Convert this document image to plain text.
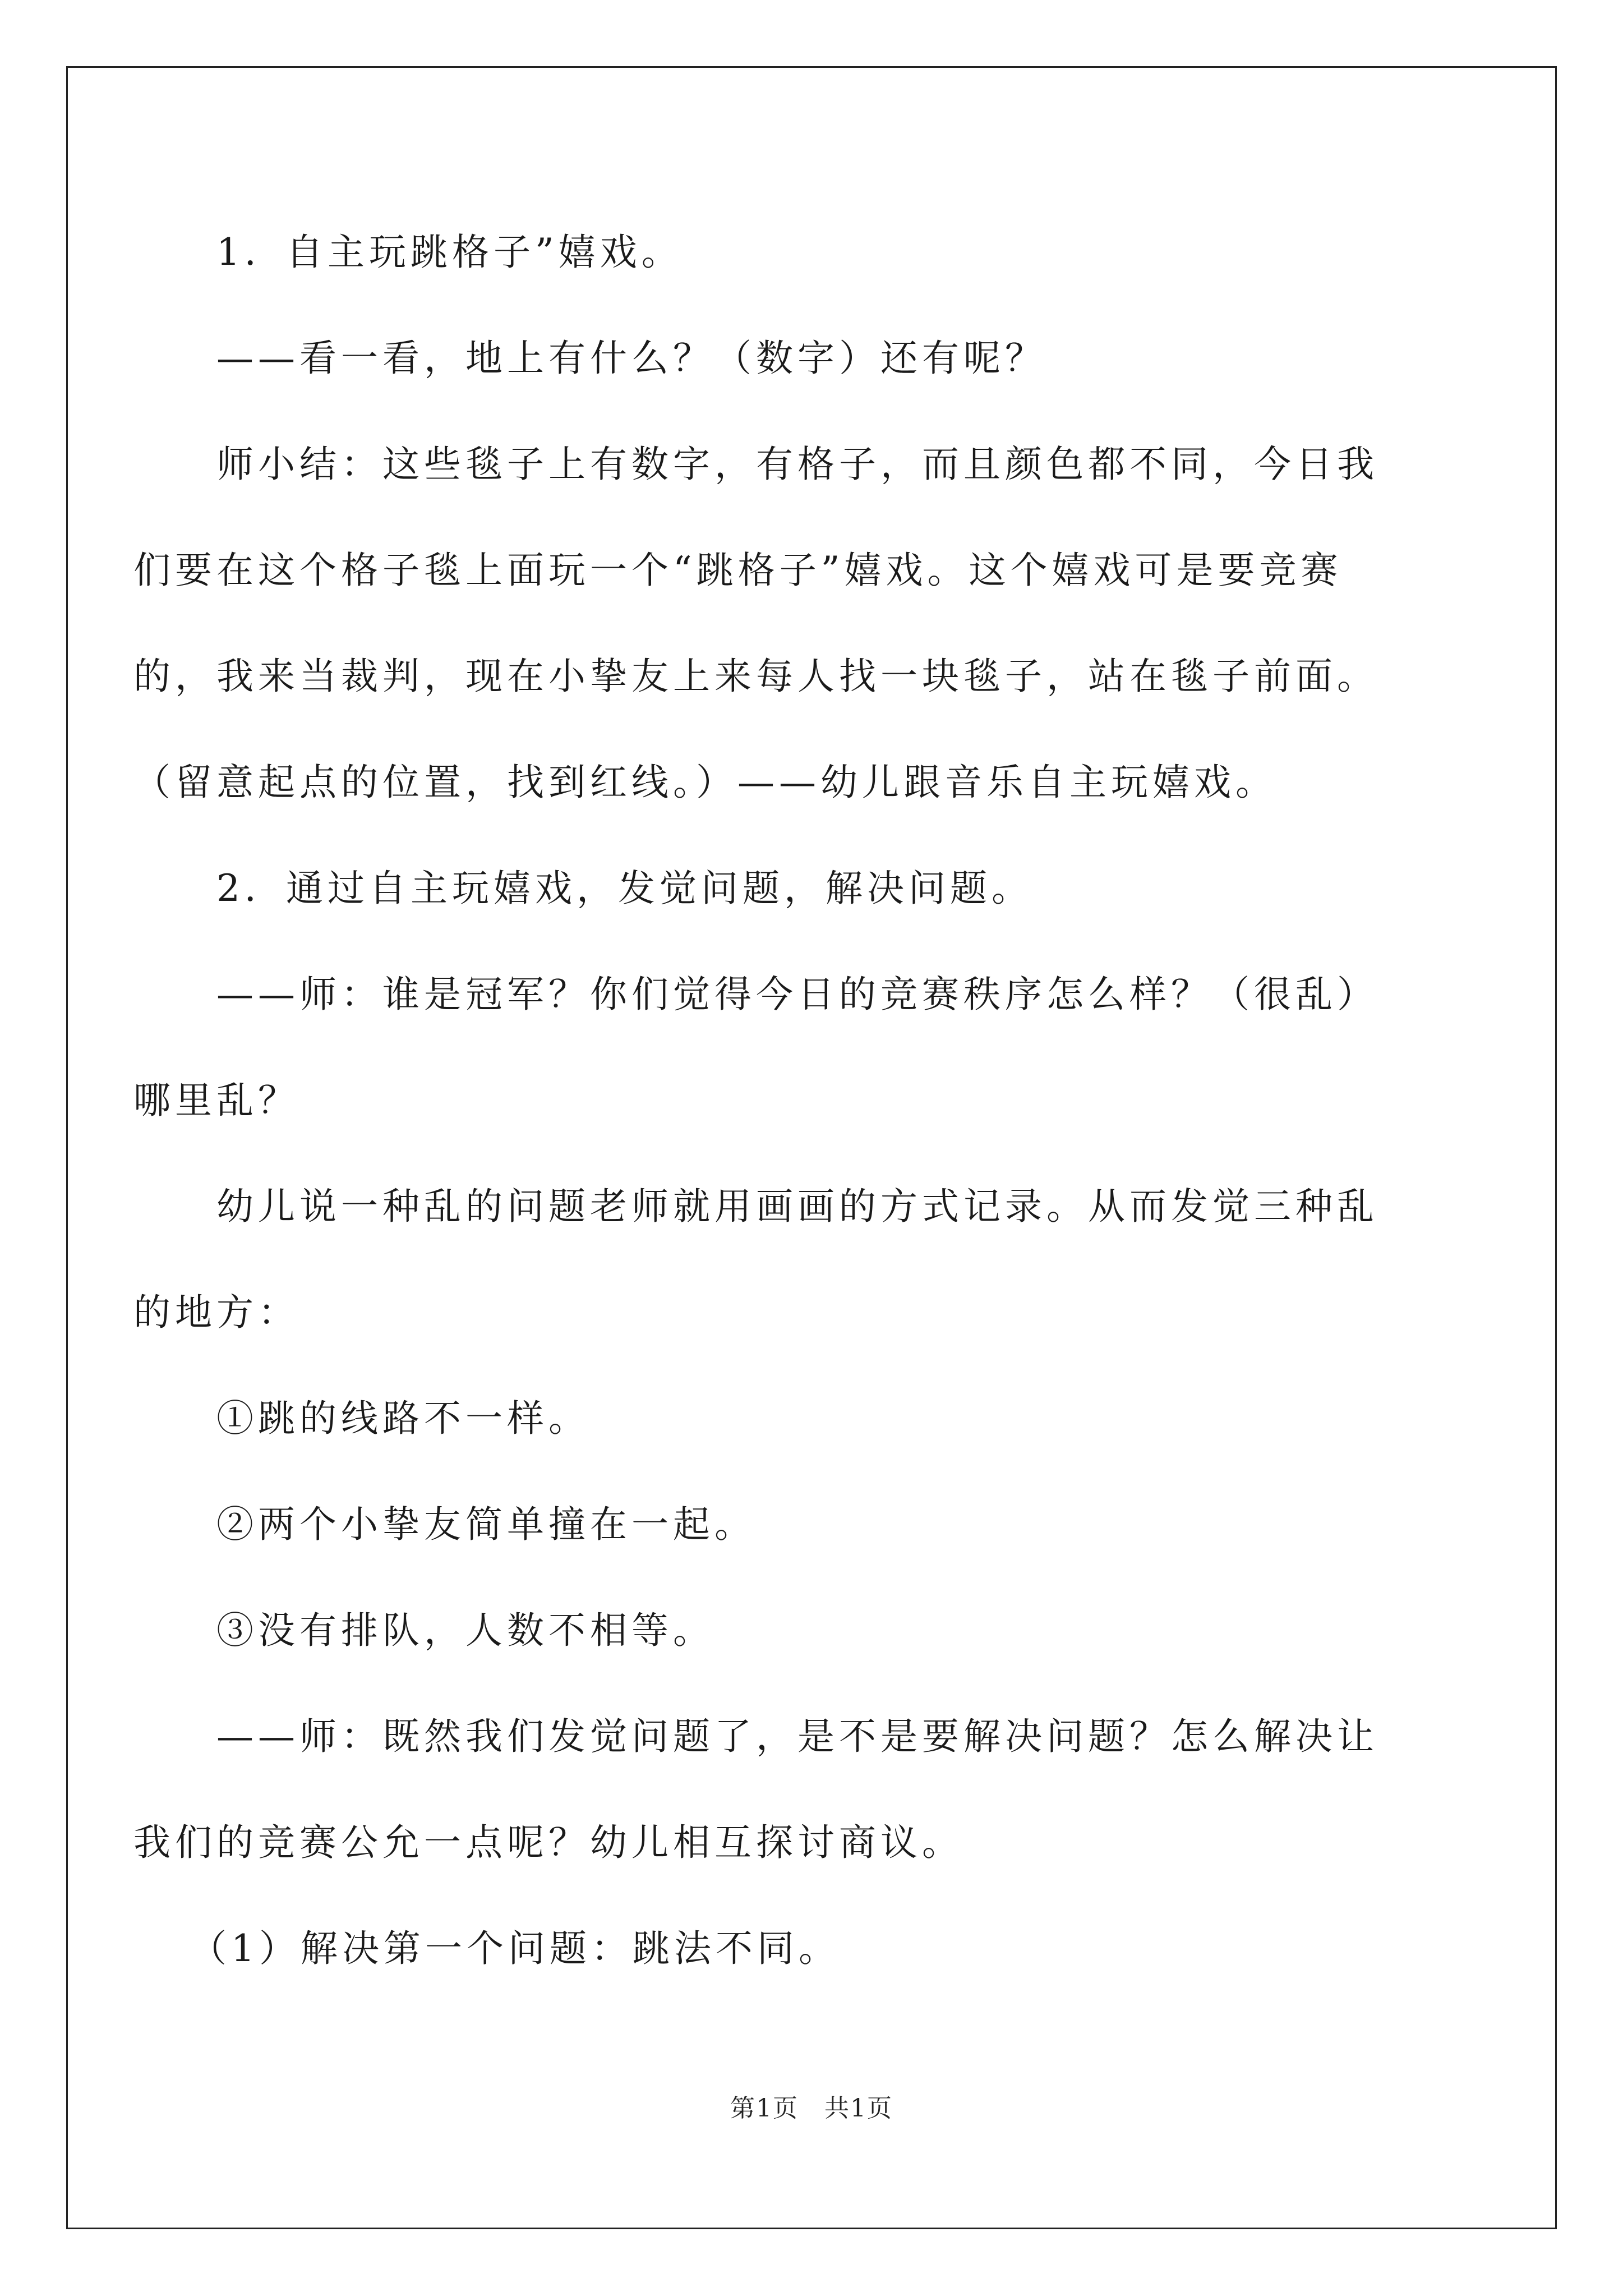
1．自主玩跳格子”嬉戏。

——看一看，地上有什么？（数字）还有呢？

师小结：这些毯子上有数字，有格子，而且颜色都不同，今日我

们要在这个格子毯上面玩一个“跳格子”嬉戏。这个嬉戏可是要竞赛

的，我来当裁判，现在小挚友上来每人找一块毯子，站在毯子前面。

（留意起点的位置，找到红线。）——幼儿跟音乐自主玩嬉戏。

2．通过自主玩嬉戏，发觉问题，解决问题。

——师：谁是冠军？你们觉得今日的竞赛秩序怎么样？（很乱）

哪里乱？

幼儿说一种乱的问题老师就用画画的方式记录。从而发觉三种乱

的地方：

①跳的线路不一样。

②两个小挚友简单撞在一起。

③没有排队，人数不相等。

——师：既然我们发觉问题了，是不是要解决问题？怎么解决让

我们的竞赛公允一点呢？幼儿相互探讨商议。

（1）解决第一个问题：跳法不同。

第1页　共1页
